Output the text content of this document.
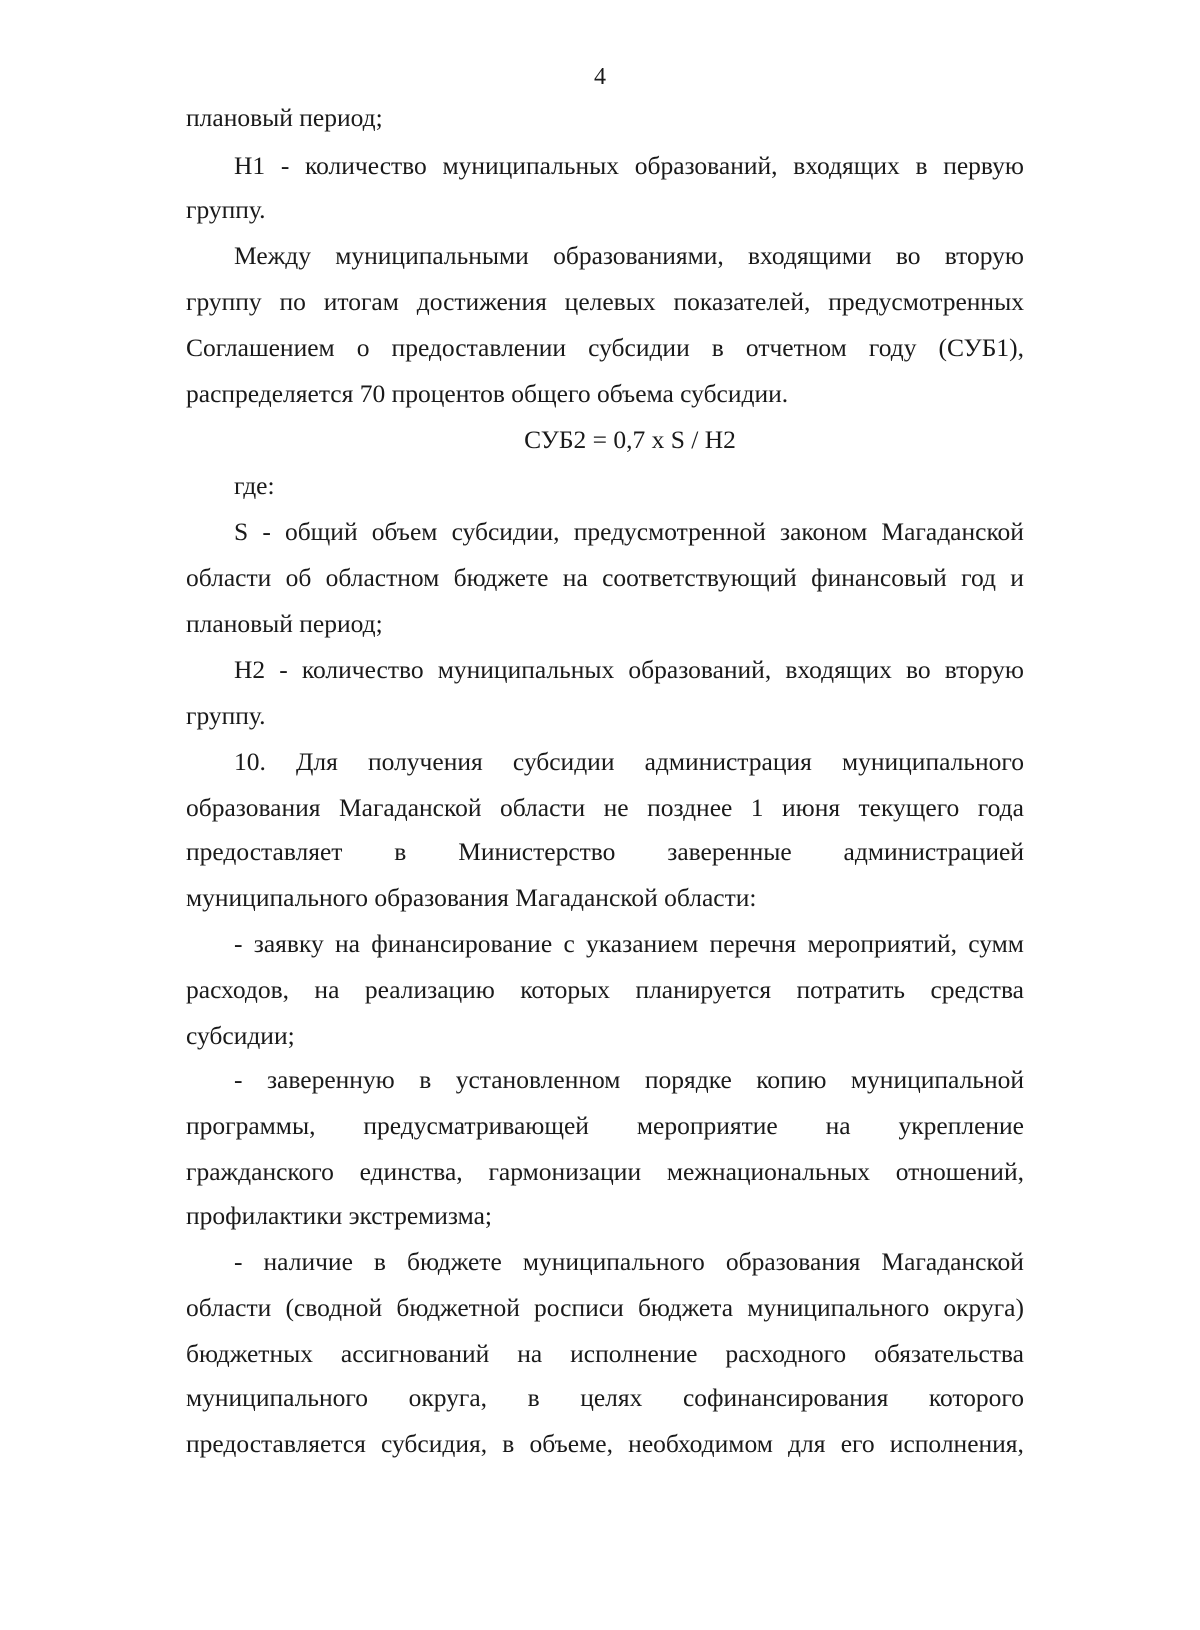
4
плановый период;
Н1 - количество муниципальных образований, входящих в первую
группу.
Между муниципальными образованиями, входящими во вторую
группу по итогам достижения целевых показателей, предусмотренных
Соглашением о предоставлении субсидии в отчетном году (СУБ1),
распределяется 70 процентов общего объема субсидии.
где:
S - общий объем субсидии, предусмотренной законом Магаданской
области об областном бюджете на соответствующий финансовый год и
плановый период;
Н2 - количество муниципальных образований, входящих во вторую
группу.
10. Для получения субсидии администрация муниципального
образования Магаданской области не позднее 1 июня текущего года
предоставляет в Министерство заверенные администрацией
муниципального образования Магаданской области:
- заявку на финансирование с указанием перечня мероприятий, сумм
расходов, на реализацию которых планируется потратить средства
субсидии;
- заверенную в установленном порядке копию муниципальной
программы, предусматривающей мероприятие на укрепление
гражданского единства, гармонизации межнациональных отношений,
профилактики экстремизма;
- наличие в бюджете муниципального образования Магаданской
области (сводной бюджетной росписи бюджета муниципального округа)
бюджетных ассигнований на исполнение расходного обязательства
муниципального округа, в целях софинансирования которого
предоставляется субсидия, в объеме, необходимом для его исполнения,
СУБ2 = 0,7 x S / Н2
